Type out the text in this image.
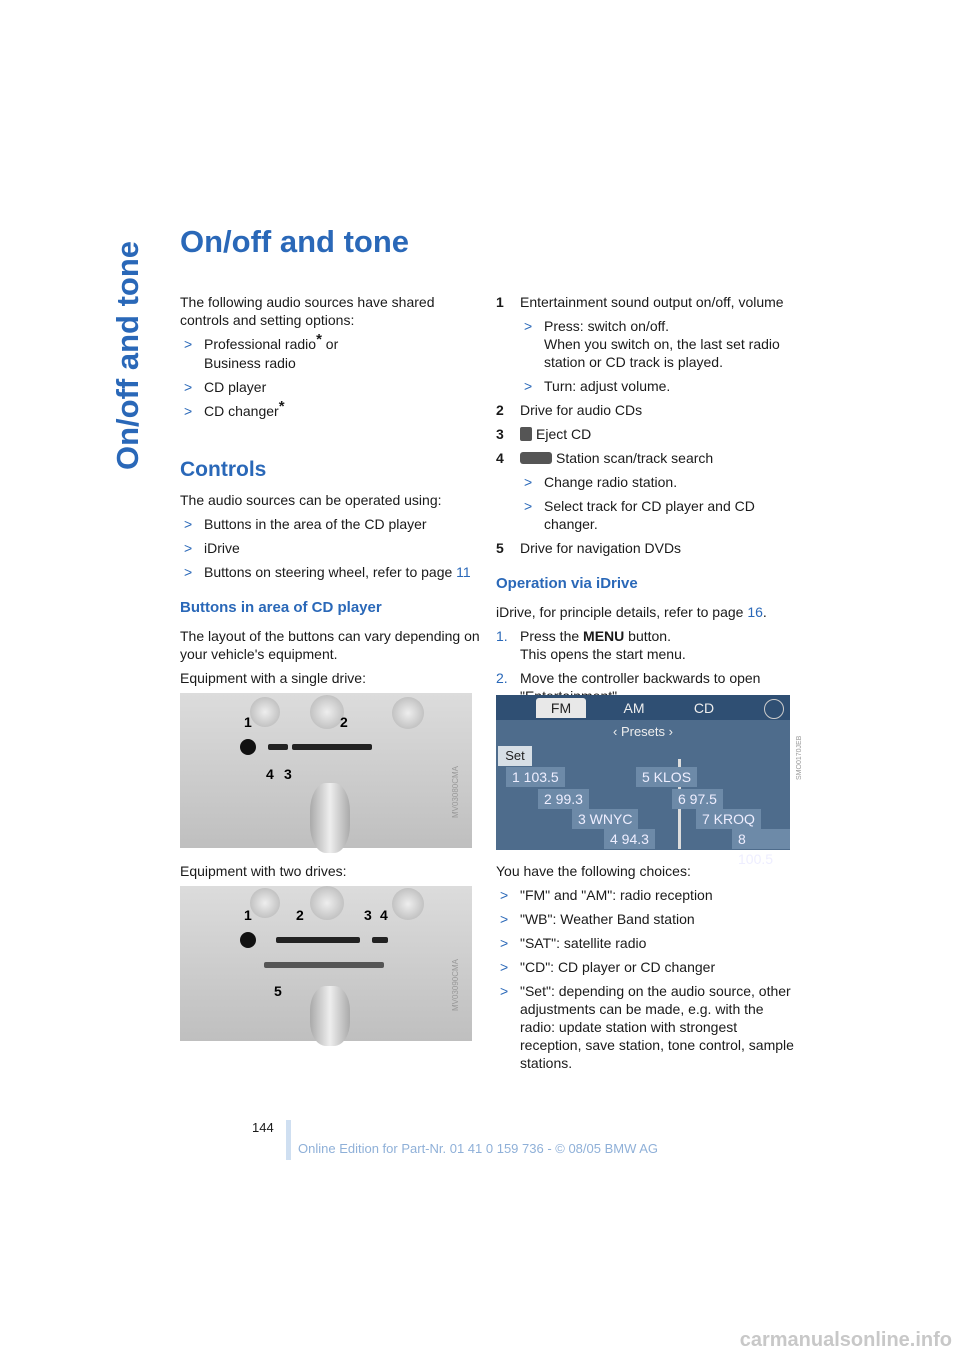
On/off and tone On/off and tone

The following audio sources have shared controls and setting options:

> Professional radio* or
Business radio
> CD player
> CD changer*
Controls

The audio sources can be operated using:

> Buttons in the area of the CD player
> iDrive
> Buttons on steering wheel, refer to page 11
Buttons in area of CD player

The layout of the buttons can vary depending on your vehicle's equipment.

Equipment with a single drive:

1	2
4 3	MV03080CMA

Equipment with two drives:

1	2	3 4
5	MV03090CMA
1 Entertainment sound output on/off, volume
> Press: switch on/off.
When you switch on, the last set radio station or CD track is played.
> Turn: adjust volume.
2 Drive for audio CDs
3 Eject CD
4	Station scan/track search
> Change radio station.
> Select track for CD player and CD changer.
5 Drive for navigation DVDs
Operation via iDrive

iDrive, for principle details, refer to page 16.

1. Press the MENU button.
This opens the start menu.
2. Move the controller backwards to open
FM	AM	CD
‹ Presets ›
Set
1 103.5	5 KLOS
2 99.3	6 97.5
3 WNYC	7 KROQ
4 94.3	8 100.5
SMO0170JEB

You have the following choices:

> "FM" and "AM": radio reception
> "WB": Weather Band station
> "SAT": satellite radio
> "CD": CD player or CD changer
> "Set": depending on the audio source, other adjustments can be made, e.g. with the radio: update station with strongest reception, save station, tone control, sample stations.
144
Online Edition for Part-Nr. 01 41 0 159 736 - © 08/05 BMW AG
carmanualsonline.info
